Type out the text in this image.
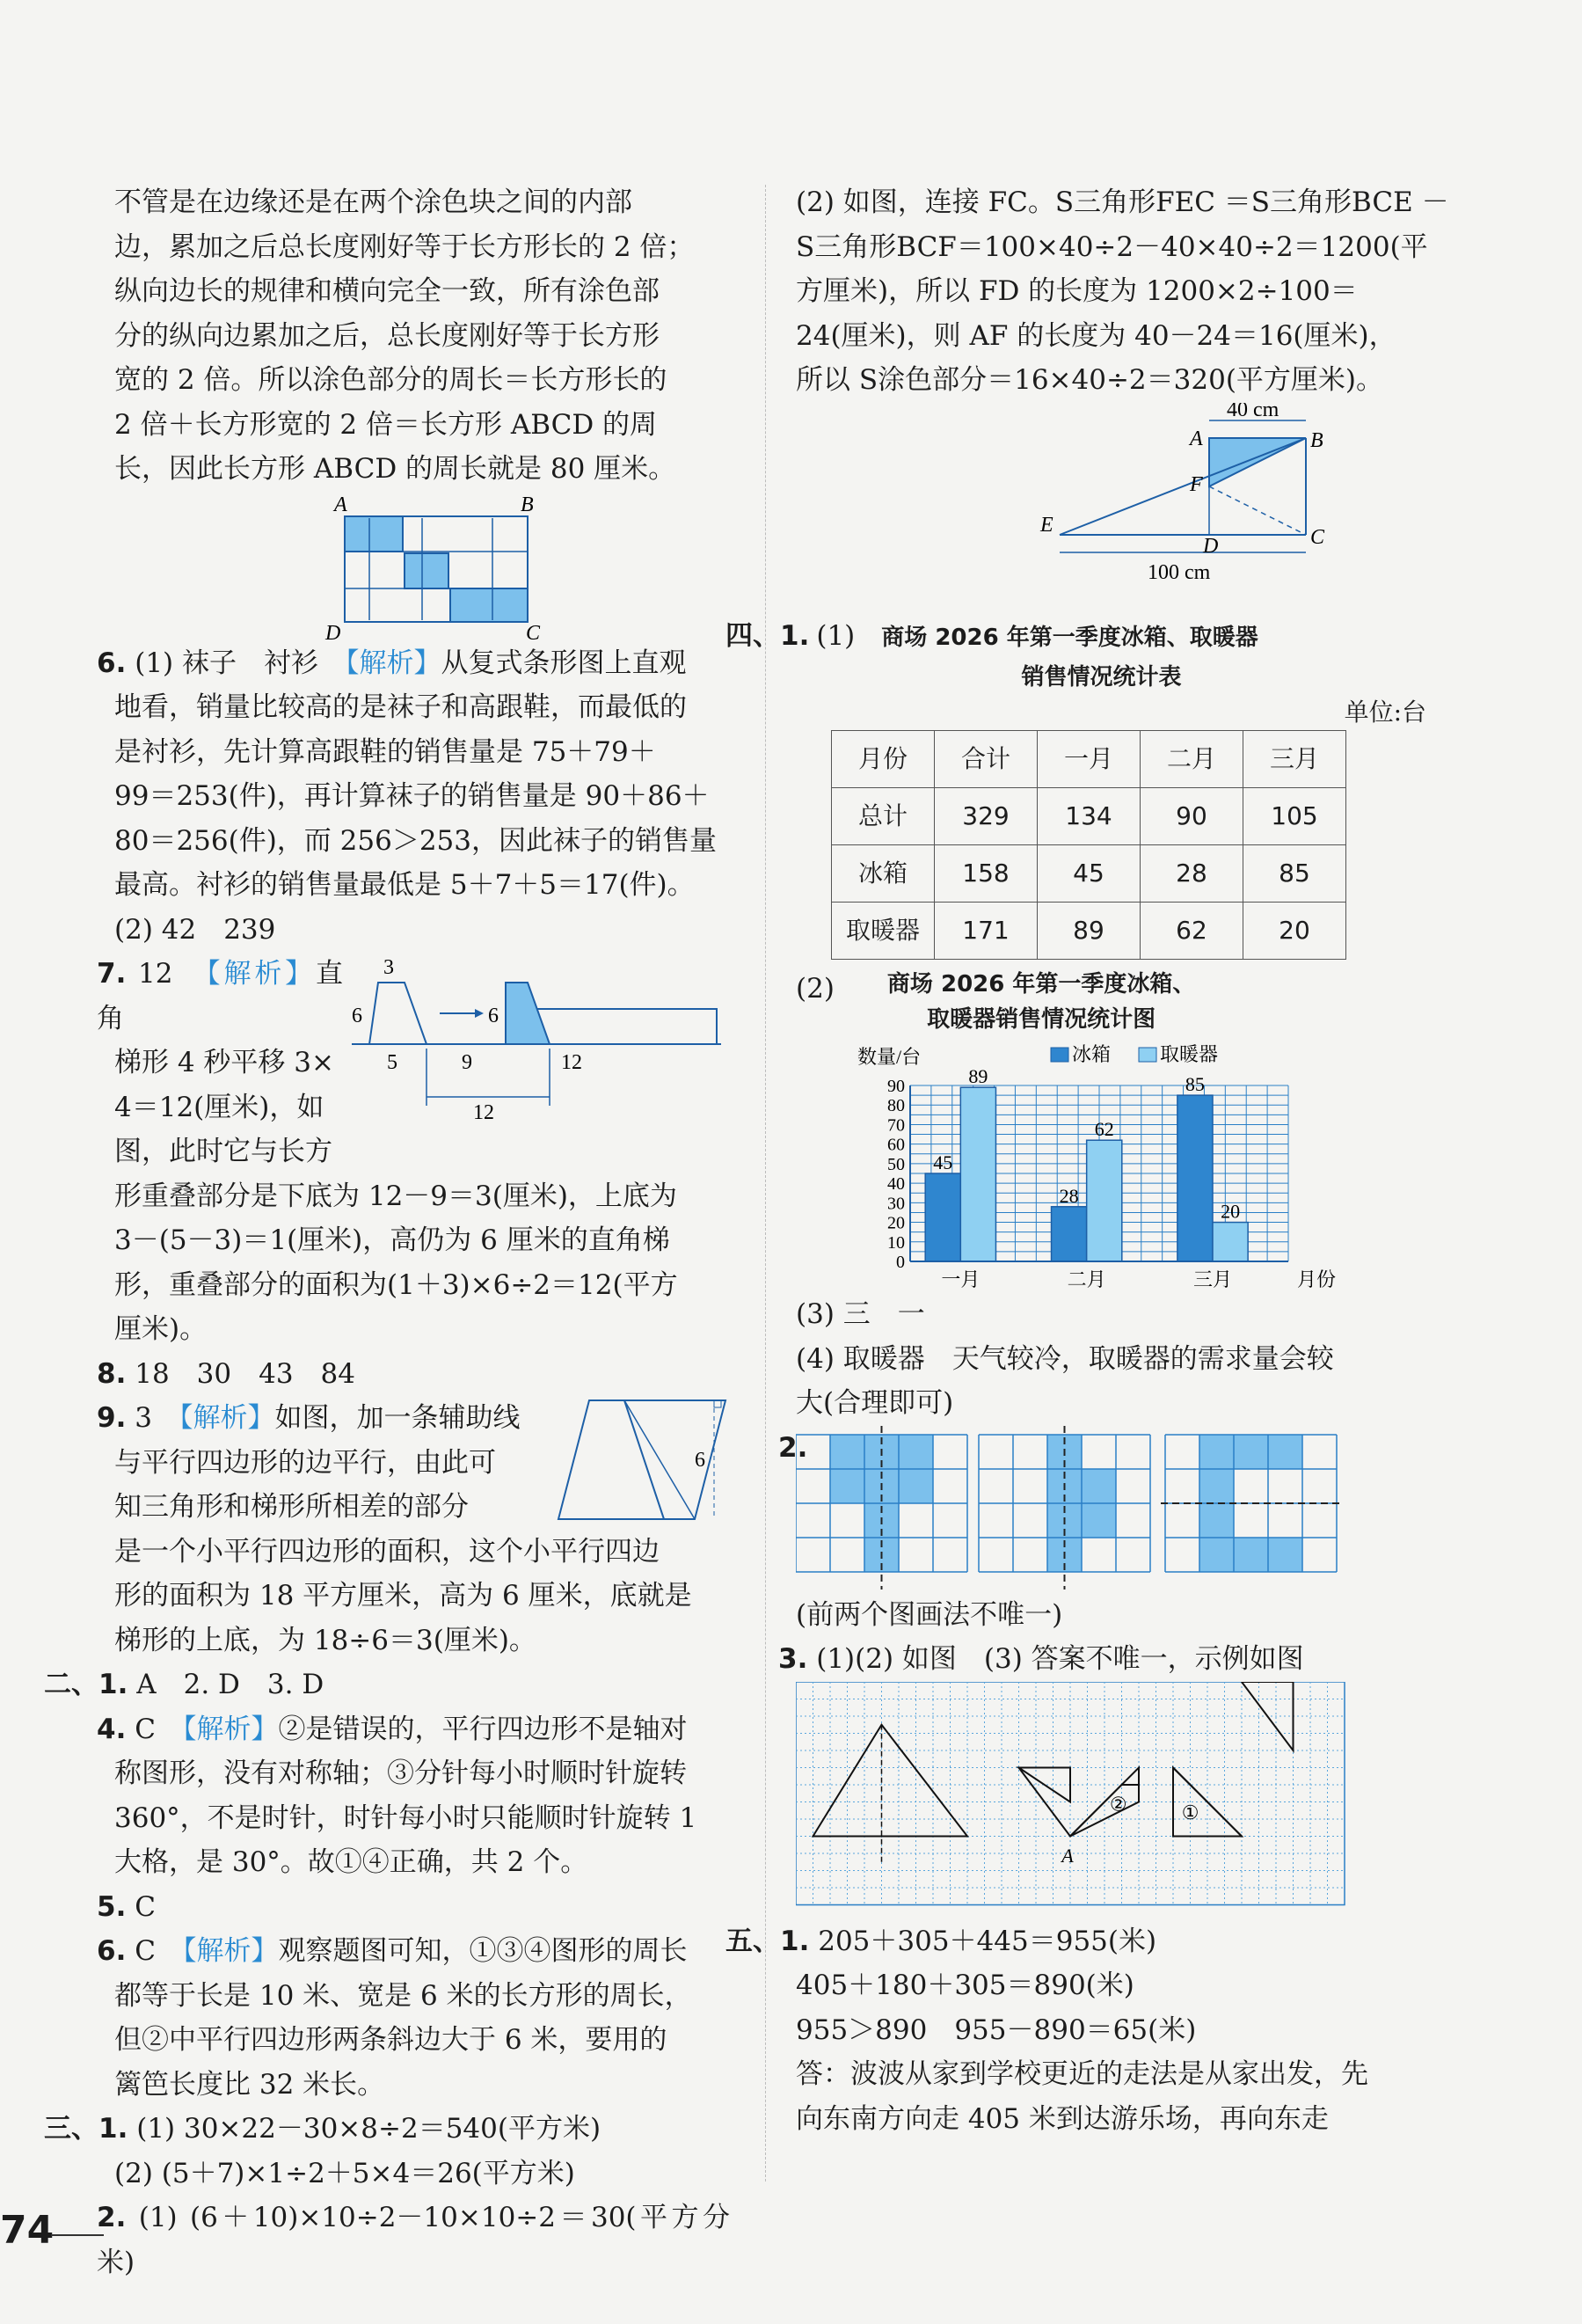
不管是在边缘还是在两个涂色块之间的内部

边，累加之后总长度刚好等于长方形长的 2 倍；

纵向边长的规律和横向完全一致，所有涂色部

分的纵向边累加之后，总长度刚好等于长方形

宽的 2 倍。所以涂色部分的周长＝长方形长的

2 倍＋长方形宽的 2 倍＝长方形 ABCD 的周

长，因此长方形 ABCD 的周长就是 80 厘米。

A	B
D	C

6. (1) 袜子　衬衫　【解析】从复式条形图上直观

地看，销量比较高的是袜子和高跟鞋，而最低的

是衬衫，先计算高跟鞋的销售量是 75＋79＋

99＝253(件)，再计算袜子的销售量是 90＋86＋

80＝256(件)，而 256＞253，因此袜子的销售量

最高。衬衫的销售量最低是 5＋7＋5＝17(件)。

(2) 42　239

7. 12　【解析】直角

梯形 4 秒平移 3×

4＝12(厘米)，如

图，此时它与长方

3
6	6
5	9	12
12

形重叠部分是下底为 12－9＝3(厘米)，上底为

3－(5－3)＝1(厘米)，高仍为 6 厘米的直角梯

形，重叠部分的面积为(1＋3)×6÷2＝12(平方

厘米)。

8. 18　30　43　84

9. 3　【解析】如图，加一条辅助线

与平行四边形的边平行，由此可

知三角形和梯形所相差的部分

6

是一个小平行四边形的面积，这个小平行四边

形的面积为 18 平方厘米，高为 6 厘米，底就是

梯形的上底，为 18÷6＝3(厘米)。

二、1. A　2. D　3. D

4. C　【解析】②是错误的，平行四边形不是轴对

称图形，没有对称轴；③分针每小时顺时针旋转

360°，不是时针，时针每小时只能顺时针旋转 1

大格，是 30°。故①④正确，共 2 个。

5. C

6. C　【解析】观察题图可知，①③④图形的周长

都等于长是 10 米、宽是 6 米的长方形的周长，

但②中平行四边形两条斜边大于 6 米，要用的

篱笆长度比 32 米长。

三、1. (1) 30×22－30×8÷2＝540(平方米)

(2) (5＋7)×1÷2＋5×4＝26(平方米)

2. (1) (6＋10)×10÷2－10×10÷2＝30(平方分米)

(2) 如图，连接 FC。S三角形FEC ＝S三角形BCE －

S三角形BCF＝100×40÷2－40×40÷2＝1200(平

方厘米)，所以 FD 的长度为 1200×2÷100＝

24(厘米)，则 AF 的长度为 40－24＝16(厘米)，

所以 S涂色部分＝16×40÷2＝320(平方厘米)。

40 cm
A	B
F
E
D	C
100 cm
四、 1. (1) 商场 2026 年第一季度冰箱、取暖器
销售情况统计表
单位:台
月份	合计	一月	二月	三月
总计	329	134	90	105
冰箱	158	45	28	85
取暖器	171	89	62	20
(2) 商场 2026 年第一季度冰箱、
取暖器销售情况统计图
数量/台	冰箱	取暖器
0
10
20
30
40
50
60
70
80
90
45
89
一月
28
62
二月
85
20
三月	月份

(3) 三　一

(4) 取暖器　天气较冷，取暖器的需求量会较

大(合理即可)

2.

(前两个图画法不唯一)

3. (1)(2) 如图　(3) 答案不唯一，示例如图

A
①
②

五、1. 205＋305＋445＝955(米)

405＋180＋305＝890(米)

955＞890　955－890＝65(米)

答：波波从家到学校更近的走法是从家出发，先

向东南方向走 405 米到达游乐场，再向东走

74
